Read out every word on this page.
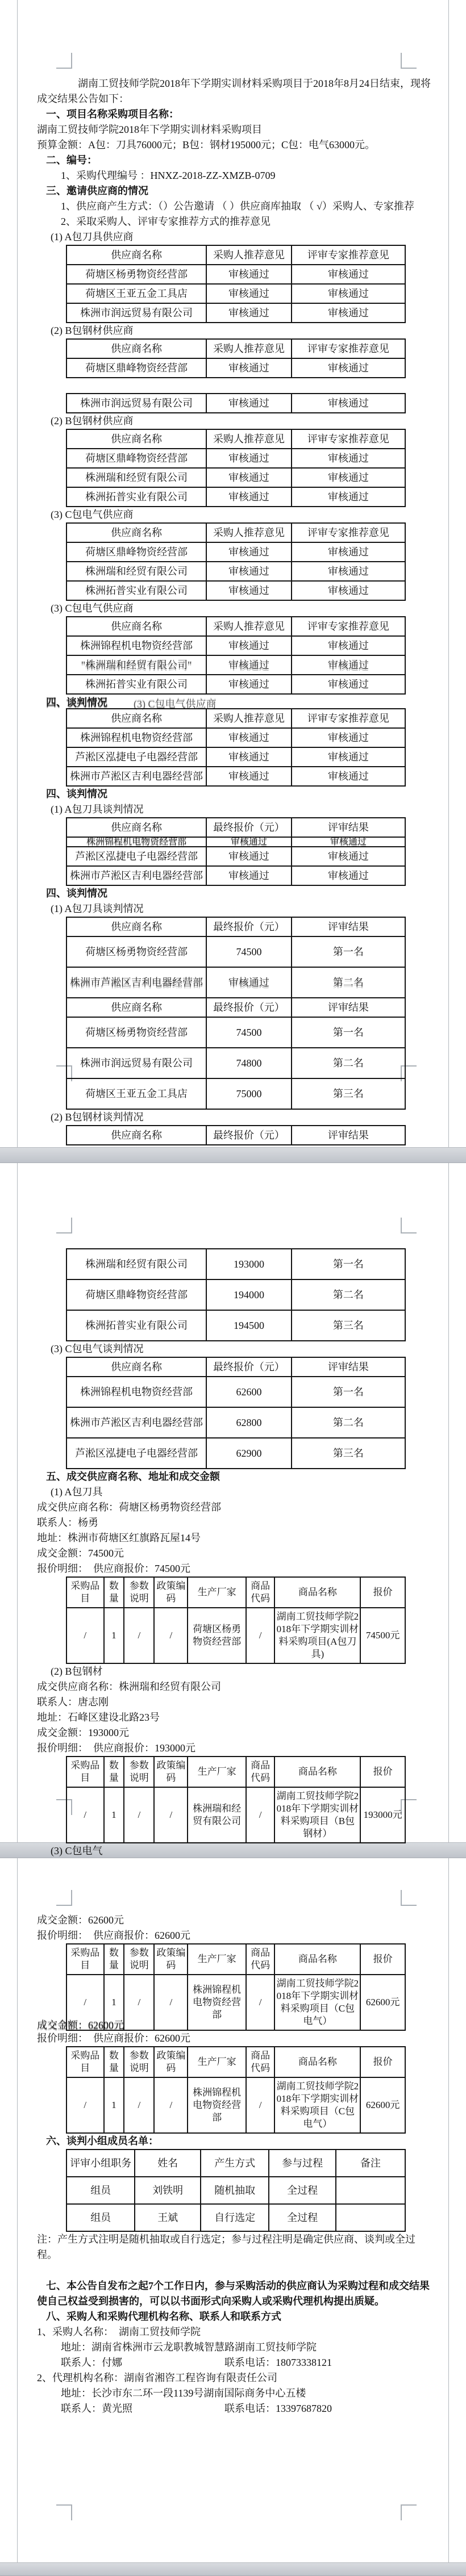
湖南工贸技师学院2018年下学期实训材料采购项目于2018年8月24日结束，现将成交结果公告如下：
一、项目名称采购项目名称：
湖南工贸技师学院2018年下学期实训材料采购项目
预算金额：A包：刀具76000元；B包：钢材195000元；C包：电气63000元。
二、编号：
1、采购代理编号 ：HNXZ-2018-ZZ-XMZB-0709
三、邀请供应商的情况
1、供应商产生方式：（）公告邀请 （ ）供应商库抽取 （ √）采购人、专家推荐
2、采取采购人、评审专家推荐方式的推荐意见
(1) A包刀具供应商
供应商名称	采购人推荐意见	评审专家推荐意见
荷塘区杨勇物资经营部	审核通过	审核通过
荷塘区王亚五金工具店	审核通过	审核通过
株洲市润远贸易有限公司	审核通过	审核通过
(2) B包钢材供应商
供应商名称	采购人推荐意见	评审专家推荐意见
荷塘区鼎峰物资经营部	审核通过	审核通过
株洲市润远贸易有限公司	审核通过	审核通过
(2) B包钢材供应商
供应商名称	采购人推荐意见	评审专家推荐意见
荷塘区鼎峰物资经营部	审核通过	审核通过
株洲瑞和经贸有限公司	审核通过	审核通过
株洲拓普实业有限公司	审核通过	审核通过
(3) C包电气供应商
供应商名称	采购人推荐意见	评审专家推荐意见
荷塘区鼎峰物资经营部	审核通过	审核通过
株洲瑞和经贸有限公司	审核通过	审核通过
株洲拓普实业有限公司	审核通过	审核通过
(3) C包电气供应商
供应商名称	采购人推荐意见	评审专家推荐意见
株洲锦程机电物资经营部	审核通过	审核通过
"株洲瑞和经贸有限公司"	审核通过	审核通过
株洲拓普实业有限公司	审核通过	审核通过
四、谈判情况	(3) C包电气供应商
供应商名称	采购人推荐意见	评审专家推荐意见
株洲锦程机电物资经营部	审核通过	审核通过
芦淞区泓捷电子电器经营部	审核通过	审核通过
株洲市芦淞区吉利电器经营部	审核通过	审核通过
四、谈判情况
(1) A包刀具谈判情况
供应商名称	最终报价（元）	评审结果
株洲锦程机电物资经营部	审核通过	审核通过
芦淞区泓捷电子电器经营部	审核通过	审核通过
株洲市芦淞区吉利电器经营部	审核通过	审核通过
四、谈判情况
(1) A包刀具谈判情况
供应商名称	最终报价（元）	评审结果
荷塘区杨勇物资经营部	74500	第一名
株洲市芦淞区吉利电器经营部	审核通过	第二名
供应商名称	最终报价（元）	评审结果
荷塘区杨勇物资经营部	74500	第一名
株洲市润远贸易有限公司	74800	第二名
荷塘区王亚五金工具店	75000	第三名
(2) B包钢材谈判情况
供应商名称	最终报价（元）	评审结果
株洲瑞和经贸有限公司	193000	第一名
荷塘区鼎峰物资经营部	194000	第二名
株洲拓普实业有限公司	194500	第三名
(3) C包电气谈判情况
供应商名称	最终报价（元）	评审结果
株洲锦程机电物资经营部	62600	第一名
株洲市芦淞区吉利电器经营部	62800	第二名
芦淞区泓捷电子电器经营部	62900	第三名
五、成交供应商名称、地址和成交金额
(1) A包刀具
成交供应商名称：荷塘区杨勇物资经营部
联系人：杨勇
地址：株洲市荷塘区红旗路瓦屋14号
成交金额：74500元
报价明细：　供应商报价：74500元
采购品目	数量	参数说明	政策编码	生产厂家	商品代码	商品名称	报价
/	1	/	/	荷塘区杨勇物资经营部	/	湖南工贸技师学院2018年下学期实训材料采购项目(A包刀具)	74500元
(2) B包钢材
成交供应商名称：株洲瑞和经贸有限公司
联系人：唐志刚
地址：石峰区建设北路23号
成交金额：193000元
报价明细：　供应商报价：193000元
采购品目	数量	参数说明	政策编码	生产厂家	商品代码	商品名称	报价
/	1	/	/	株洲瑞和经贸有限公司	/	湖南工贸技师学院2018年下学期实训材料采购项目（B包钢材）	193000元
(3) C包电气
成交金额：62600元
报价明细：　供应商报价：62600元
采购品目	数量	参数说明	政策编码	生产厂家	商品代码	商品名称	报价
/	1	/	/	株洲锦程机电物资经营部	/	湖南工贸技师学院2018年下学期实训材料采购项目（C包电气）	62600元
成交金额：62600元
报价明细：　供应商报价：62600元
采购品目	数量	参数说明	政策编码	生产厂家	商品代码	商品名称	报价
/	1	/	/	株洲锦程机电物资经营部	/	湖南工贸技师学院2018年下学期实训材料采购项目（C包电气）	62600元
六、谈判小组成员名单：
评审小组职务	姓名	产生方式	参与过程	备注
组员	刘铁明	随机抽取	全过程	
组员	王斌	自行选定	全过程	
注：产生方式注明是随机抽取或自行选定；参与过程注明是确定供应商、谈判或全过程。
七、本公告自发布之起7个工作日内，参与采购活动的供应商认为采购过程和成交结果使自己权益受到损害的，可以以书面形式向采购人或采购代理机构提出质疑。
八、采购人和采购代理机构名称、联系人和联系方式
1、采购人名称：　湖南工贸技师学院
地址：湖南省株洲市云龙职教城智慧路湖南工贸技师学院
联系人：付娜　　　　　　　　　　联系电话：18073338121
2、代理机构名称：湖南省湘咨工程咨询有限责任公司
地址：长沙市东二环一段1139号湖南国际商务中心五楼
联系人：黄光照　　　　　　　　　联系电话：13397687820
